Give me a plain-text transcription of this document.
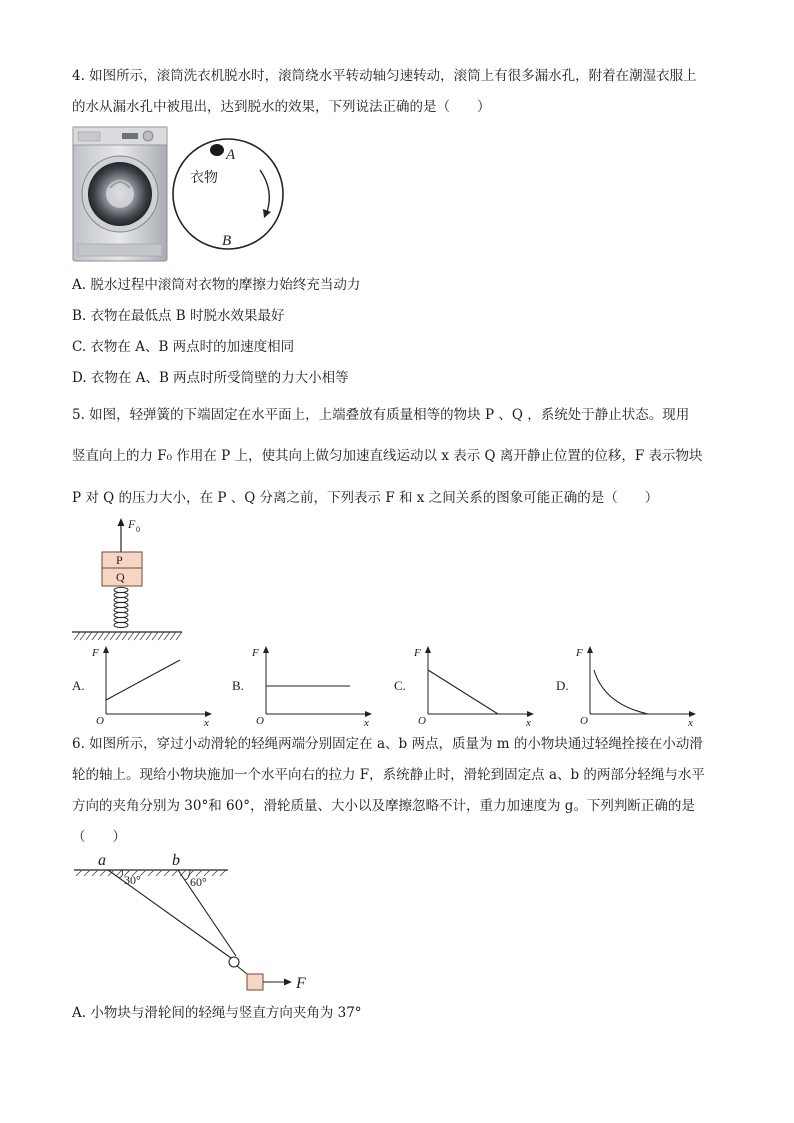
4. 如图所示，滚筒洗衣机脱水时，滚筒绕水平转动轴匀速转动，滚筒上有很多漏水孔，附着在潮湿衣服上
的水从漏水孔中被甩出，达到脱水的效果，下列说法正确的是（　　）
A
衣物
B
A. 脱水过程中滚筒对衣物的摩擦力始终充当动力
B. 衣物在最低点 B 时脱水效果最好
C. 衣物在 A、B 两点时的加速度相同
D. 衣物在 A、B 两点时所受筒壁的力大小相等
5. 如图，轻弹簧的下端固定在水平面上，上端叠放有质量相等的物块 P 、Q ，系统处于静止状态。现用
竖直向上的力 F₀ 作用在 P 上，使其向上做匀加速直线运动以 x 表示 Q 离开静止位置的位移，F 表示物块
P 对 Q 的压力大小，在 P 、Q 分离之前，下列表示 F 和 x 之间关系的图象可能正确的是（　　）
F 0
P
Q
A.
F
x
O
B.
F
x
O
C.
F
x
O
D.
F
x
O
6. 如图所示，穿过小动滑轮的轻绳两端分别固定在 a、b 两点，质量为 m 的小物块通过轻绳拴接在小动滑
轮的轴上。现给小物块施加一个水平向右的拉力 F，系统静止时，滑轮到固定点 a、b 的两部分轻绳与水平
方向的夹角分别为 30°和 60°，滑轮质量、大小以及摩擦忽略不计，重力加速度为 g。下列判断正确的是
（　　）
a	b
30°	60°
F
A. 小物块与滑轮间的轻绳与竖直方向夹角为 37°
